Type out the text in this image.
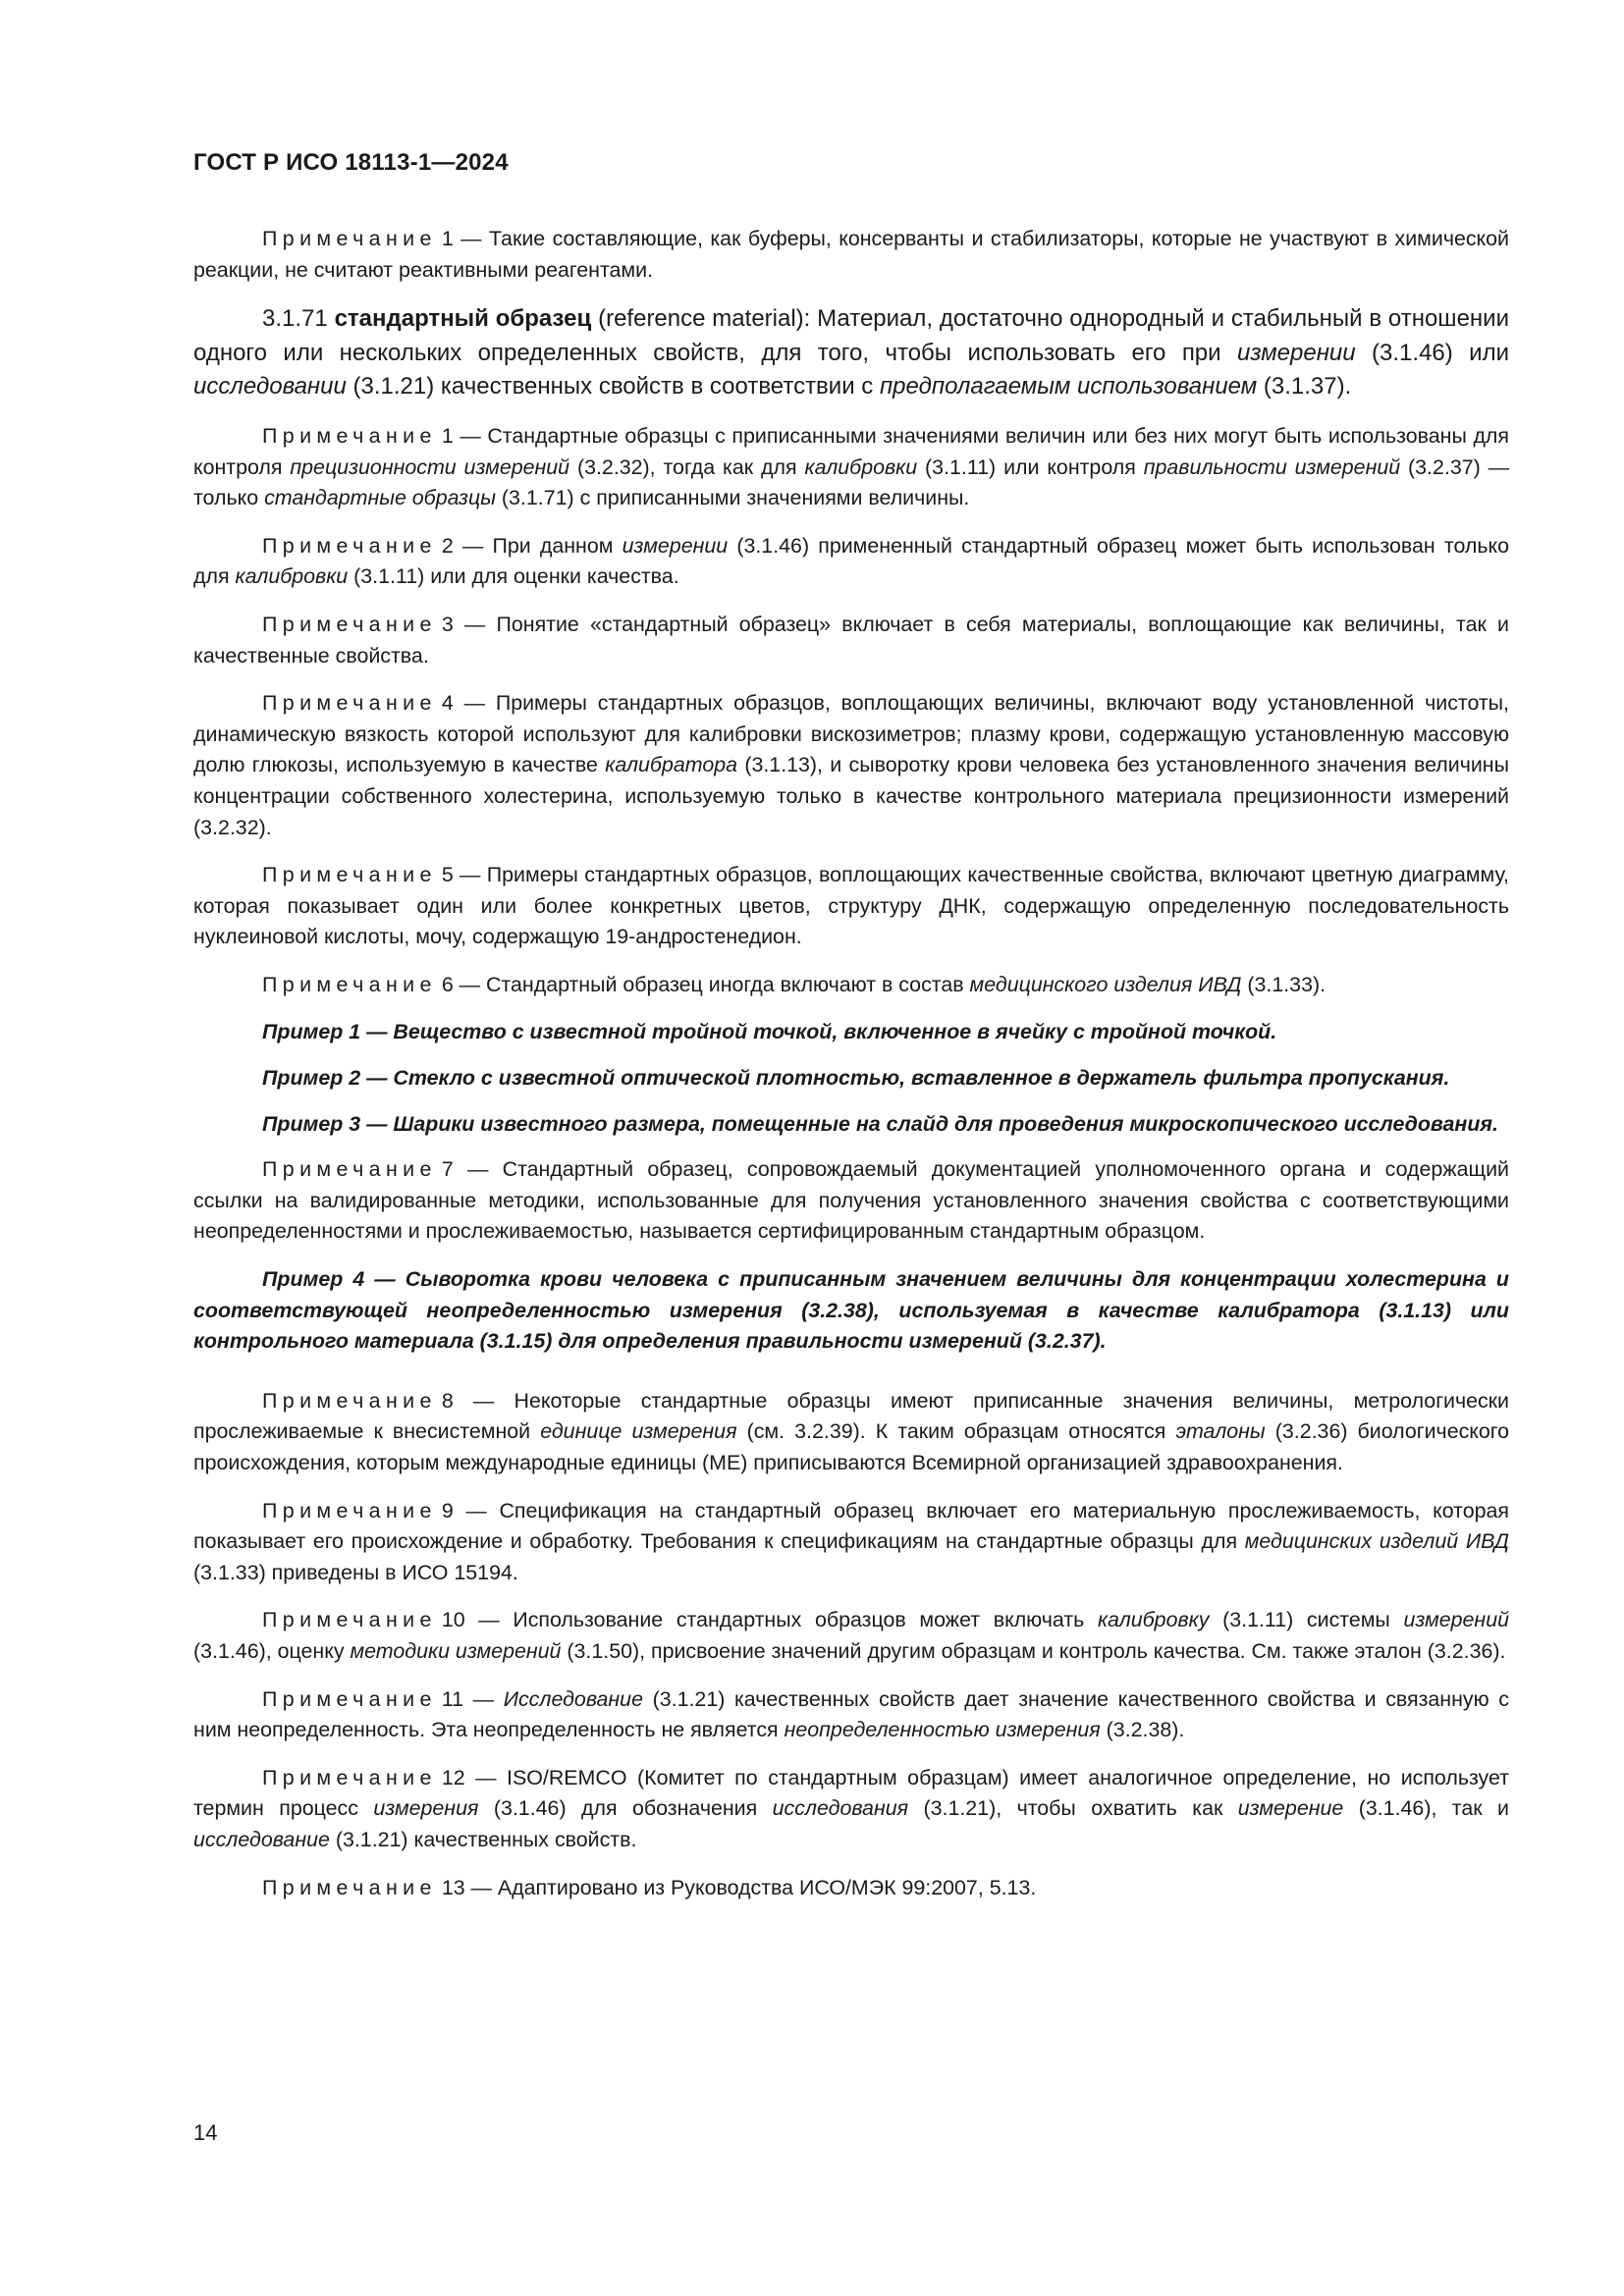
ГОСТ Р ИСО 18113-1—2024

Примечание 1 — Такие составляющие, как буферы, консерванты и стабилизаторы, которые не участвуют в химической реакции, не считают реактивными реагентами.

3.1.71 стандартный образец (reference material): Материал, достаточно однородный и стабильный в отношении одного или нескольких определенных свойств, для того, чтобы использовать его при измерении (3.1.46) или исследовании (3.1.21) качественных свойств в соответствии с предполагаемым использованием (3.1.37).

Примечание 1 — Стандартные образцы с приписанными значениями величин или без них могут быть использованы для контроля прецизионности измерений (3.2.32), тогда как для калибровки (3.1.11) или контроля правильности измерений (3.2.37) — только стандартные образцы (3.1.71) с приписанными значениями величины.

Примечание 2 — При данном измерении (3.1.46) примененный стандартный образец может быть использован только для калибровки (3.1.11) или для оценки качества.

Примечание 3 — Понятие «стандартный образец» включает в себя материалы, воплощающие как величины, так и качественные свойства.

Примечание 4 — Примеры стандартных образцов, воплощающих величины, включают воду установленной чистоты, динамическую вязкость которой используют для калибровки вискозиметров; плазму крови, содержащую установленную массовую долю глюкозы, используемую в качестве калибратора (3.1.13), и сыворотку крови человека без установленного значения величины концентрации собственного холестерина, используемую только в качестве контрольного материала прецизионности измерений (3.2.32).

Примечание 5 — Примеры стандартных образцов, воплощающих качественные свойства, включают цветную диаграмму, которая показывает один или более конкретных цветов, структуру ДНК, содержащую определенную последовательность нуклеиновой кислоты, мочу, содержащую 19-андростенедион.

Примечание 6 — Стандартный образец иногда включают в состав медицинского изделия ИВД (3.1.33).

Пример 1 — Вещество с известной тройной точкой, включенное в ячейку с тройной точкой.

Пример 2 — Стекло с известной оптической плотностью, вставленное в держатель фильтра пропускания.

Пример 3 — Шарики известного размера, помещенные на слайд для проведения микроскопического исследования.

Примечание 7 — Стандартный образец, сопровождаемый документацией уполномоченного органа и содержащий ссылки на валидированные методики, использованные для получения установленного значения свойства с соответствующими неопределенностями и прослеживаемостью, называется сертифицированным стандартным образцом.

Пример 4 — Сыворотка крови человека с приписанным значением величины для концентрации холестерина и соответствующей неопределенностью измерения (3.2.38), используемая в качестве калибратора (3.1.13) или контрольного материала (3.1.15) для определения правильности измерений (3.2.37).

Примечание 8 — Некоторые стандартные образцы имеют приписанные значения величины, метрологически прослеживаемые к внесистемной единице измерения (см. 3.2.39). К таким образцам относятся эталоны (3.2.36) биологического происхождения, которым международные единицы (МЕ) приписываются Всемирной организацией здравоохранения.

Примечание 9 — Спецификация на стандартный образец включает его материальную прослеживаемость, которая показывает его происхождение и обработку. Требования к спецификациям на стандартные образцы для медицинских изделий ИВД (3.1.33) приведены в ИСО 15194.

Примечание 10 — Использование стандартных образцов может включать калибровку (3.1.11) системы измерений (3.1.46), оценку методики измерений (3.1.50), присвоение значений другим образцам и контроль качества. См. также эталон (3.2.36).

Примечание 11 — Исследование (3.1.21) качественных свойств дает значение качественного свойства и связанную с ним неопределенность. Эта неопределенность не является неопределенностью измерения (3.2.38).

Примечание 12 — ISO/REMCO (Комитет по стандартным образцам) имеет аналогичное определение, но использует термин процесс измерения (3.1.46) для обозначения исследования (3.1.21), чтобы охватить как измерение (3.1.46), так и исследование (3.1.21) качественных свойств.

Примечание 13 — Адаптировано из Руководства ИСО/МЭК 99:2007, 5.13.

14
